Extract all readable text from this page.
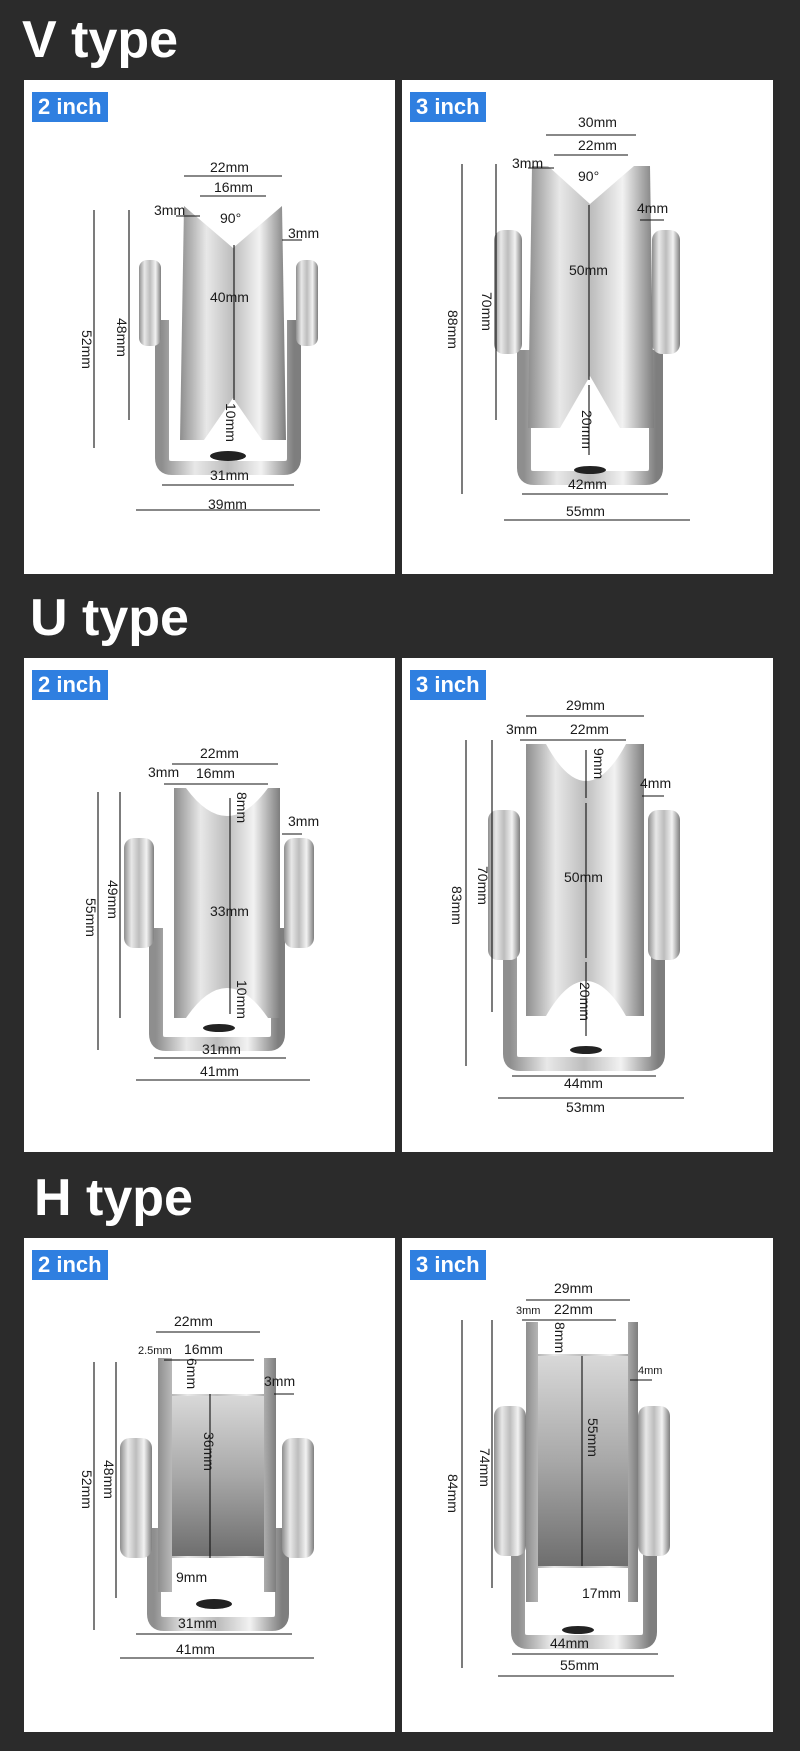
V type
2 inch
22mm
16mm
3mm 90°
3mm
52mm 48mm
40mm
10mm
31mm
39mm
3 inch
30mm
22mm
3mm
90°
4mm
88mm 70mm
50mm
20mm
42mm
55mm
U type
2 inch
22mm
16mm
3mm
8mm	3mm
55mm 49mm	33mm
10mm
31mm
41mm
3 inch
29mm
22mm
3mm
9mm
4mm
83mm
70mm	50mm
20mm
44mm
53mm
H type
2 inch
22mm
16mm
2.5mm
6mm	3mm
52mm 48mm
36mm
9mm
31mm
41mm
3 inch
29mm
22mm
3mm
8mm
4mm
84mm
74mm
55mm
17mm
44mm
55mm
